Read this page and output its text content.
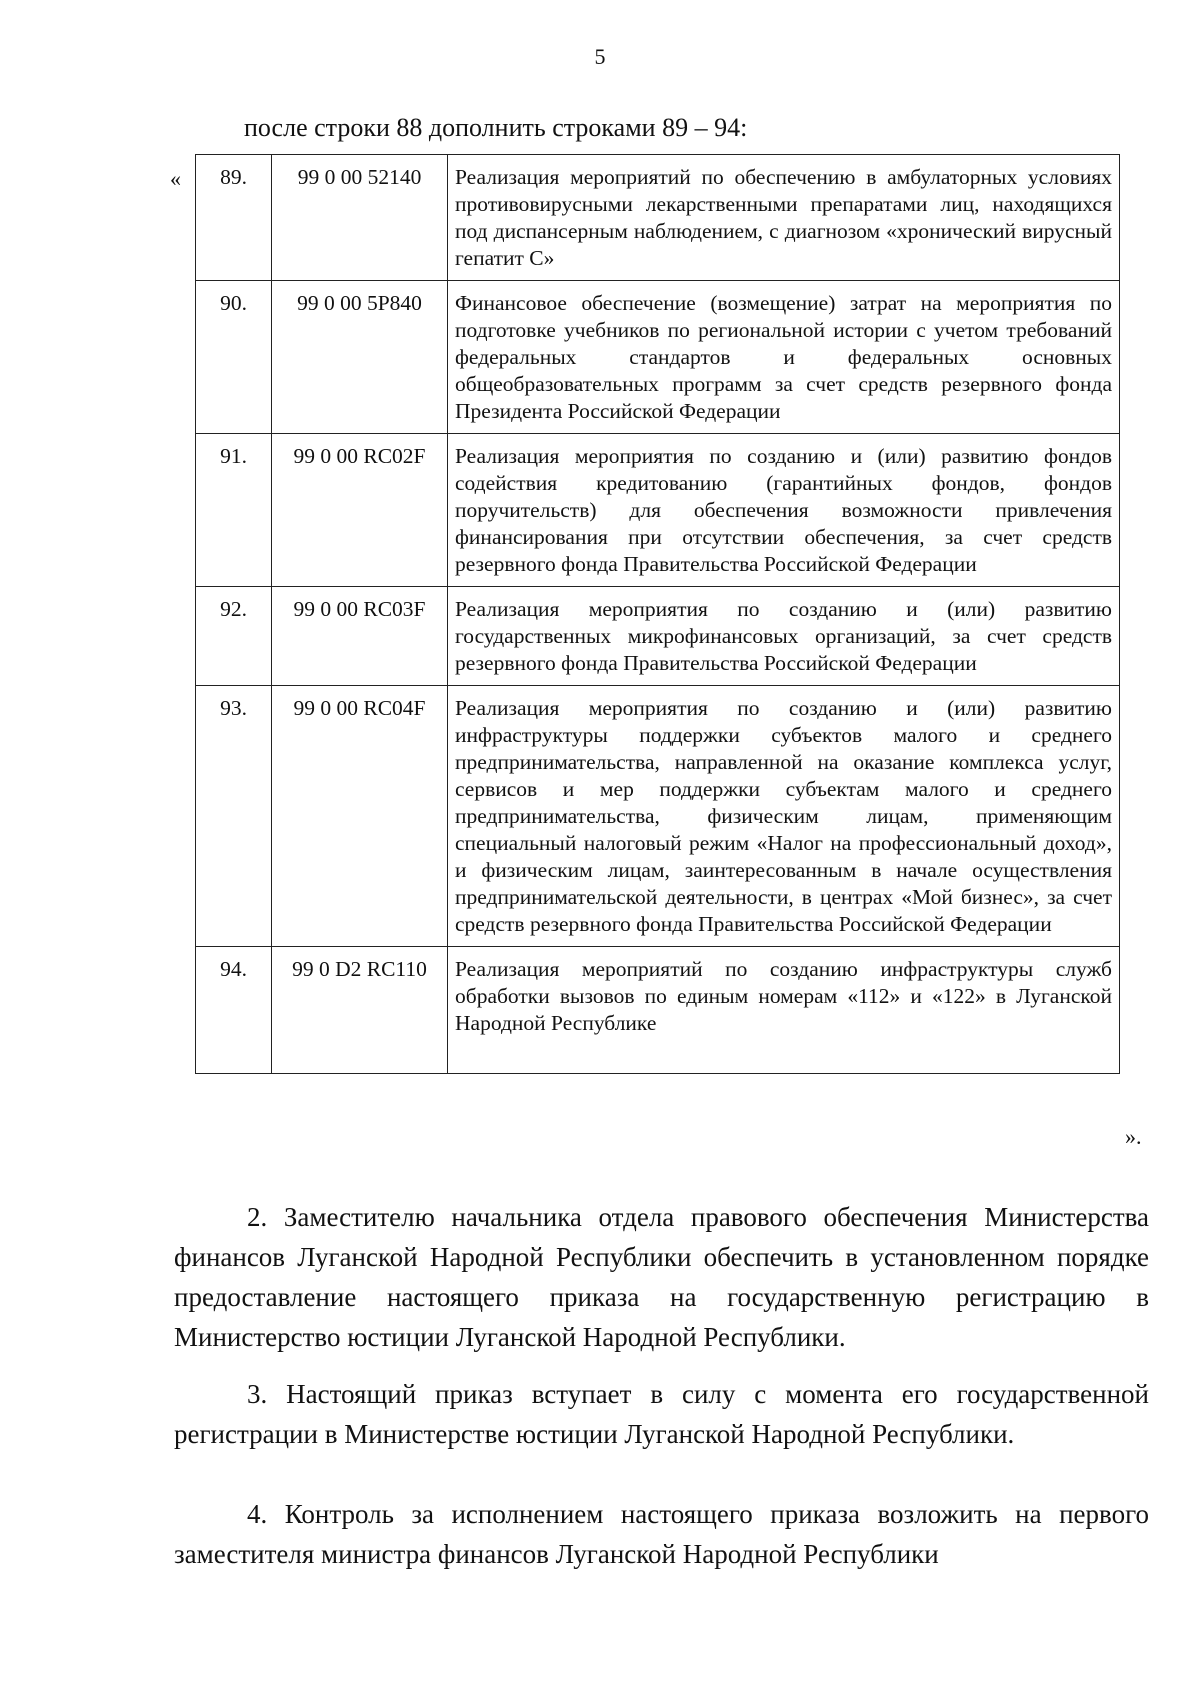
5
после строки 88 дополнить строками 89 – 94:
« 89.	99 0 00 52140	Реализация мероприятий по обеспечению в амбулаторных условиях противовирусными лекарственными препаратами лиц, находящихся под диспансерным наблюдением, с диагнозом «хронический вирусный гепатит С»
90.	99 0 00 5Р840	Финансовое обеспечение (возмещение) затрат на мероприятия по подготовке учебников по региональной истории с учетом требований федеральных стандартов и федеральных основных общеобразовательных программ за счет средств резервного фонда Президента Российской Федерации
91.	99 0 00 RC02F	Реализация мероприятия по созданию и (или) развитию фондов содействия кредитованию (гарантийных фондов, фондов поручительств) для обеспечения возможности привлечения финансирования при отсутствии обеспечения, за счет средств резервного фонда Правительства Российской Федерации
92.	99 0 00 RC03F	Реализация мероприятия по созданию и (или) развитию государственных микрофинансовых организаций, за счет средств резервного фонда Правительства Российской Федерации
93.	99 0 00 RC04F	Реализация мероприятия по созданию и (или) развитию инфраструктуры поддержки субъектов малого и среднего предпринимательства, направленной на оказание комплекса услуг, сервисов и мер поддержки субъектам малого и среднего предпринимательства, физическим лицам, применяющим специальный налоговый режим «Налог на профессиональный доход», и физическим лицам, заинтересованным в начале осуществления предпринимательской деятельности, в центрах «Мой бизнес», за счет средств резервного фонда Правительства Российской Федерации
94.	99 0 D2 RC110	Реализация мероприятий по созданию инфраструктуры служб обработки вызовов по единым номерам «112» и «122» в Луганской Народной Республике
».

2. Заместителю начальника отдела правового обеспечения Министерства финансов Луганской Народной Республики обеспечить в установленном порядке предоставление настоящего приказа на государственную регистрацию в Министерство юстиции Луганской Народной Республики.

3. Настоящий приказ вступает в силу с момента его государственной регистрации в Министерстве юстиции Луганской Народной Республики.

4. Контроль за исполнением настоящего приказа возложить на первого заместителя министра финансов Луганской Народной Республики
